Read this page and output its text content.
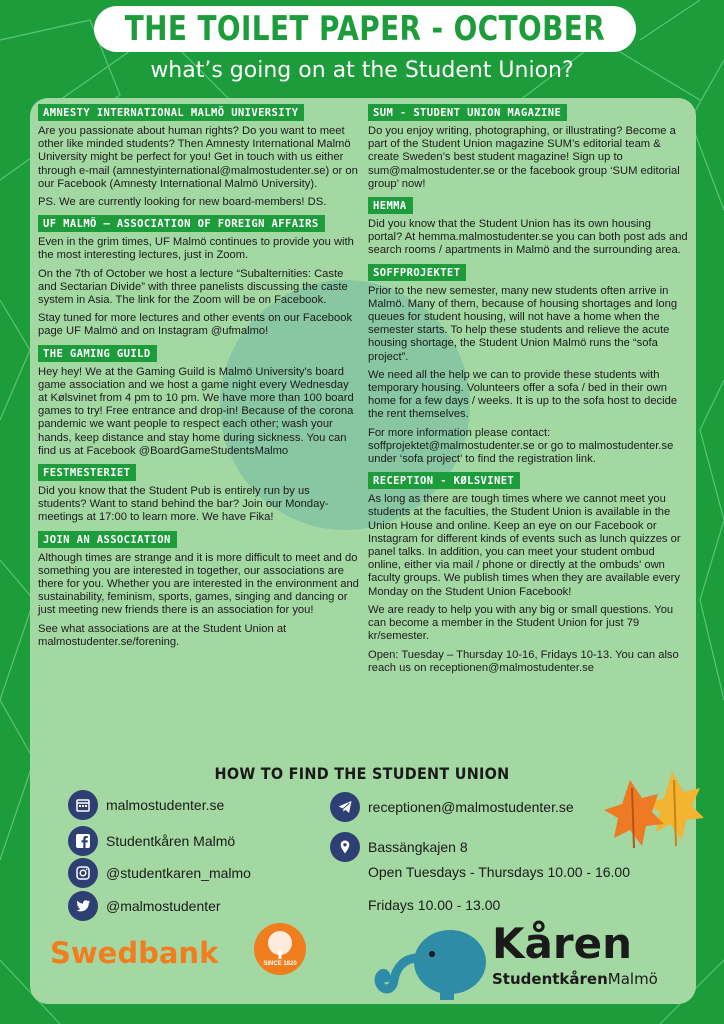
THE TOILET PAPER - OCTOBER
what’s going on at the Student Union?
AMNESTY INTERNATIONAL MALMÖ UNIVERSITY

Are you passionate about human rights? Do you want to meet other like minded students? Then Amnesty International Malmö University might be perfect for you! Get in touch with us either through e-mail (amnestyinternational@malmostudenter.se) or on our Facebook (Amnesty International Malmö University).

PS. We are currently looking for new board-members! DS.

UF MALMÖ – ASSOCIATION OF FOREIGN AFFAIRS

Even in the grim times, UF Malmö continues to provide you with the most interesting lectures, just in Zoom.

On the 7th of October we host a lecture “Subalternities: Caste and Sectarian Divide” with three panelists discussing the caste system in Asia. The link for the Zoom will be on Facebook.

Stay tuned for more lectures and other events on our Facebook page UF Malmö and on Instagram @ufmalmo!

THE GAMING GUILD

Hey hey! We at the Gaming Guild is Malmö University's board game association and we host a game night every Wednesday at Kølsvinet from 4 pm to 10 pm. We have more than 100 board games to try! Free entrance and drop-in! Because of the corona pandemic we want people to respect each other; wash your hands, keep distance and stay home during sickness. You can find us at Facebook @BoardGameStudentsMalmo

FESTMESTERIET

Did you know that the Student Pub is entirely run by us students? Want to stand behind the bar? Join our Monday-meetings at 17:00 to learn more. We have Fika!

JOIN AN ASSOCIATION

Although times are strange and it is more difficult to meet and do something you are interested in together, our associations are there for you. Whether you are interested in the environment and sustainability, feminism, sports, games, singing and dancing or just meeting new friends there is an association for you!

See what associations are at the Student Union at malmostudenter.se/forening.

SUM - STUDENT UNION MAGAZINE

Do you enjoy writing, photographing, or illustrating? Become a part of the Student Union magazine SUM’s editorial team & create Sweden’s best student magazine! Sign up to sum@malmostudenter.se or the facebook group ‘SUM editorial group’ now!

HEMMA

Did you know that the Student Union has its own housing portal? At hemma.malmostudenter.se you can both post ads and search rooms / apartments in Malmö and the surrounding area.

SOFFPROJEKTET

Prior to the new semester, many new students often arrive in Malmö. Many of them, because of housing shortages and long queues for student housing, will not have a home when the semester starts. To help these students and relieve the acute housing shortage, the Student Union Malmö runs the “sofa project”.

We need all the help we can to provide these students with temporary housing. Volunteers offer a sofa / bed in their own home for a few days / weeks. It is up to the sofa host to decide the rent themselves.

For more information please contact: soffprojektet@malmostudenter.se or go to malmostudenter.se under ‘sofa project’ to find the registration link.

RECEPTION - KØLSVINET

As long as there are tough times where we cannot meet you students at the faculties, the Student Union is available in the Union House and online. Keep an eye on our Facebook or Instagram for different kinds of events such as lunch quizzes or panel talks. In addition, you can meet your student ombud online, either via mail / phone or directly at the ombuds' own faculty groups. We publish times when they are available every Monday on the Student Union Facebook!

We are ready to help you with any big or small questions. You can become a member in the Student Union for just 79 kr/semester.

Open: Tuesday – Thursday 10-16, Fridays 10-13. You can also reach us on receptionen@malmostudenter.se

HOW TO FIND THE STUDENT UNION
malmostudenter.se
Studentkåren Malmö
@studentkaren_malmo
@malmostudenter
receptionen@malmostudenter.se
Bassängkajen 8
Open Tuesdays - Thursdays 10.00 - 16.00
Fridays 10.00 - 13.00
Swedbank	SINCE 1820	Kåren
StudentkårenMalmö
